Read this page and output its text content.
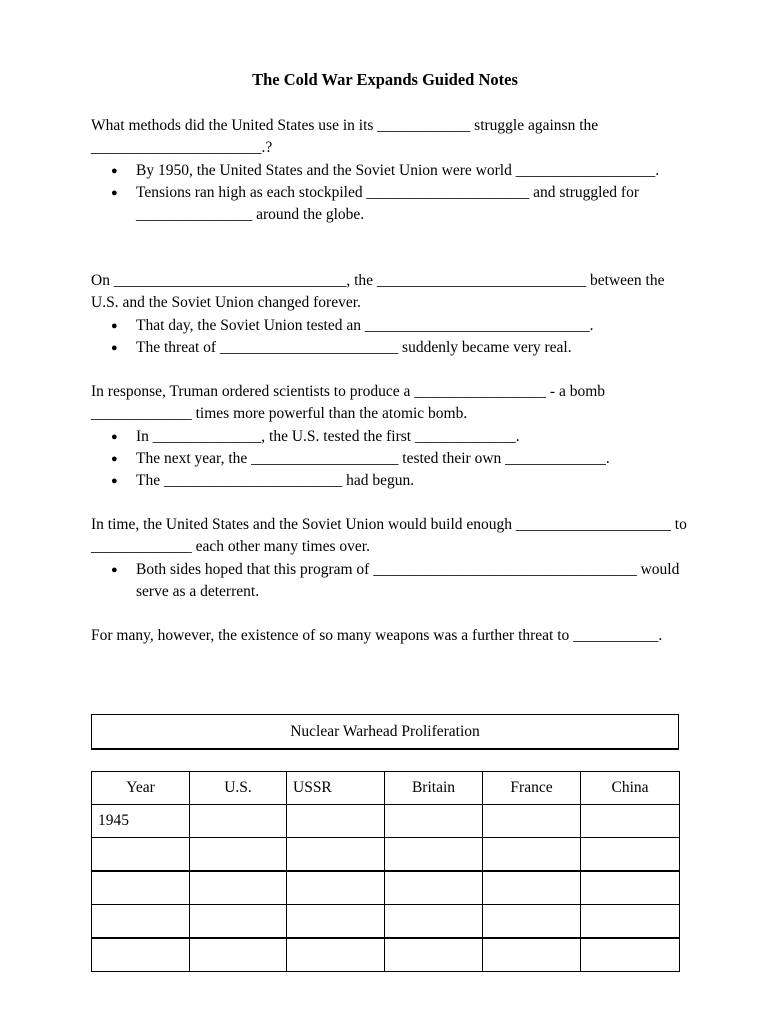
The Cold War Expands Guided Notes

What methods did the United States use in its ____________ struggle againsn the ______________________.?

● By 1950, the United States and the Soviet Union were world __________________.
● Tensions ran high as each stockpiled _____________________ and struggled for _______________ around the globe.

On ______________________________, the ___________________________ between the U.S. and the Soviet Union changed forever.

● That day, the Soviet Union tested an _____________________________.
● The threat of _______________________ suddenly became very real.

In response, Truman ordered scientists to produce a _________________ - a bomb _____________ times more powerful than the atomic bomb.

● In ______________, the U.S. tested the first _____________.
● The next year, the ___________________ tested their own _____________.
● The _______________________ had begun.

In time, the United States and the Soviet Union would build enough ____________________ to _____________ each other many times over.

● Both sides hoped that this program of __________________________________ would serve as a deterrent.

For many, however, the existence of so many weapons was a further threat to ___________.

Nuclear Warhead Proliferation
Year	U.S.	USSR	Britain	France	China
1945					
